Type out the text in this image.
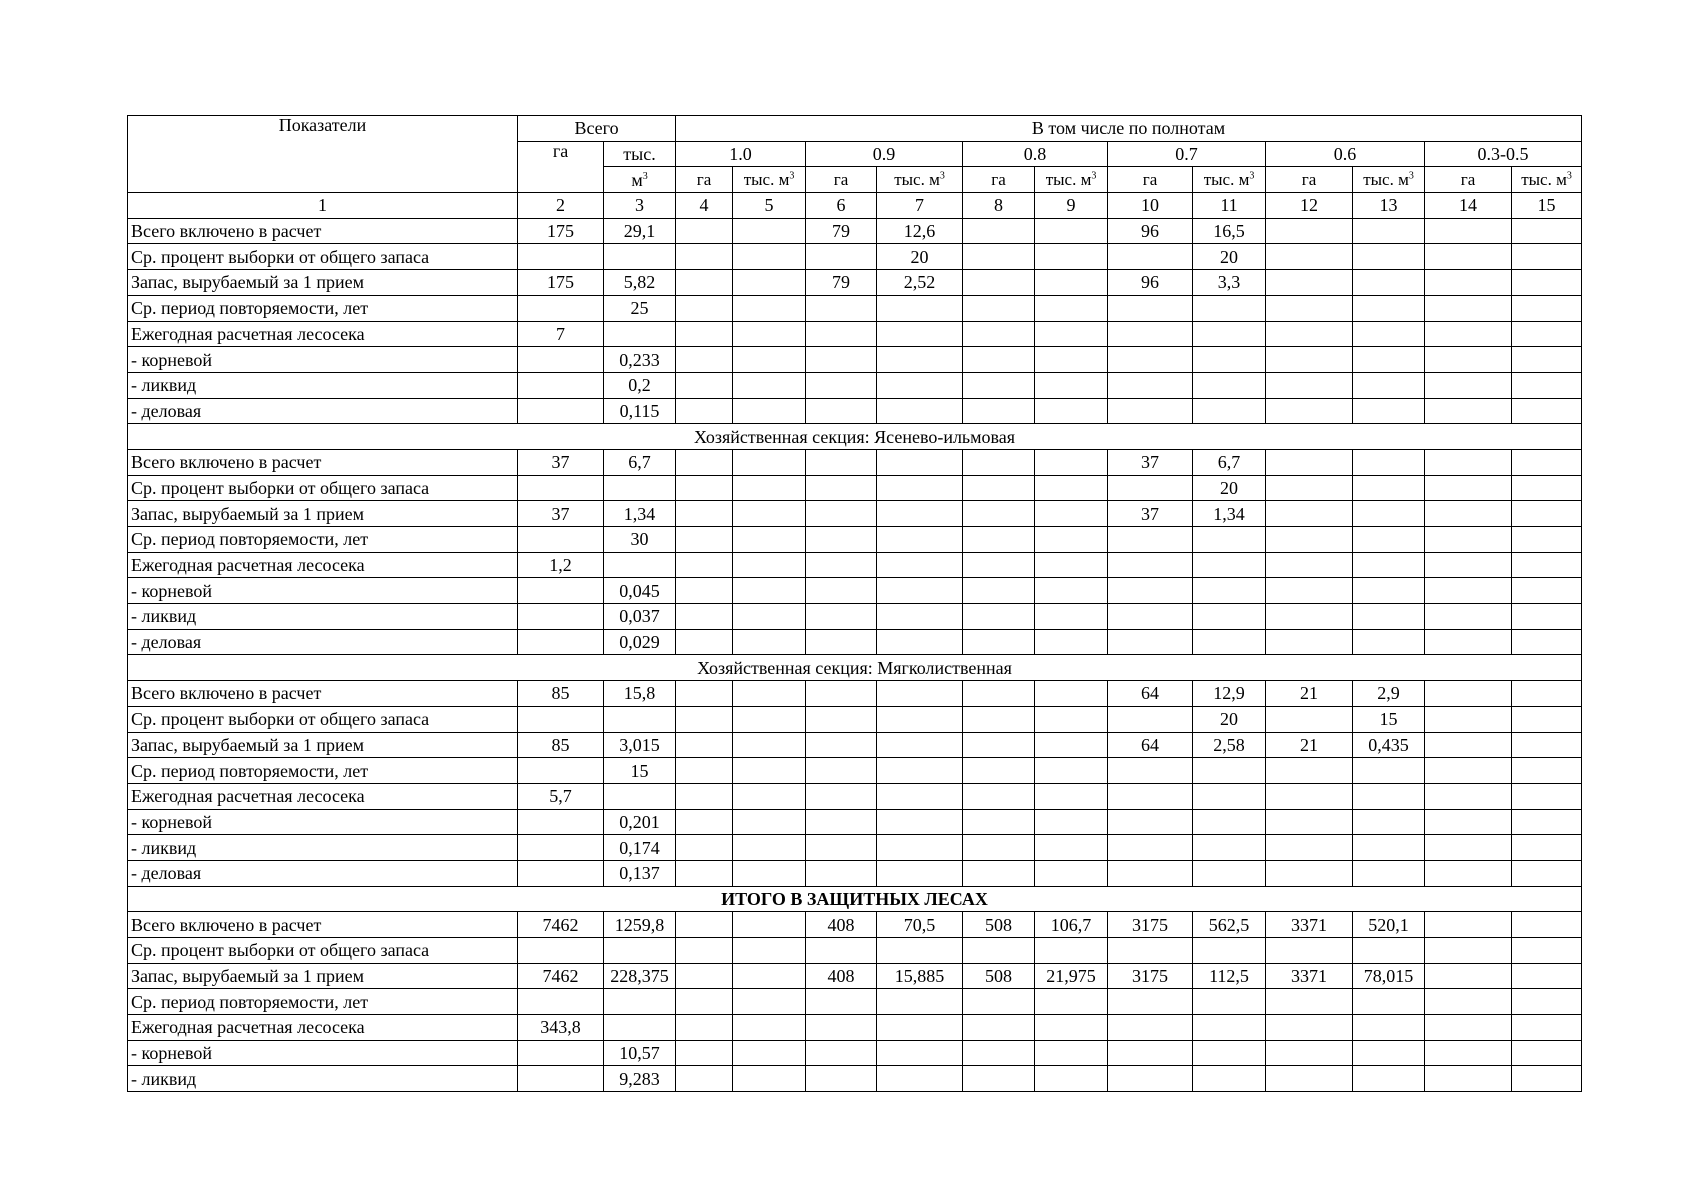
Показатели	Всего		В том числе по полнотам											
	га	тыс.	1.0		0.9		0.8		0.7		0.6		0.3-0.5	
		$м^3$	га	тыс. $м^3$	га	тыс. $м^3$	га	тыс. $м^3$	га	тыс. $м^3$	га	тыс. $м^3$	га	тыс. $м^3$
1	2	3	4	5	6	7	8	9	10	11	12	13	14	15
Всего включено в расчет	175	29,1			79	12,6			96	16,5				
Ср. процент выборки от общего запаса						20				20				
Запас, вырубаемый за 1 прием	175	5,82			79	2,52			96	3,3				
Ср. период повторяемости, лет		25												
Ежегодная расчетная лесосека	7													
- корневой		0,233												
- ликвид		0,2												
- деловая		0,115												
Хозяйственная секция: Ясенево-ильмовая														
Всего включено в расчет	37	6,7							37	6,7				
Ср. процент выборки от общего запаса										20				
Запас, вырубаемый за 1 прием	37	1,34							37	1,34				
Ср. период повторяемости, лет		30												
Ежегодная расчетная лесосека	1,2													
- корневой		0,045												
- ликвид		0,037												
- деловая		0,029												
Хозяйственная секция: Мягколиственная														
Всего включено в расчет	85	15,8							64	12,9	21	2,9		
Ср. процент выборки от общего запаса										20		15		
Запас, вырубаемый за 1 прием	85	3,015							64	2,58	21	0,435		
Ср. период повторяемости, лет		15												
Ежегодная расчетная лесосека	5,7													
- корневой		0,201												
- ликвид		0,174												
- деловая		0,137												
ИТОГО В ЗАЩИТНЫХ ЛЕСАХ														
Всего включено в расчет	7462	1259,8			408	70,5	508	106,7	3175	562,5	3371	520,1		
Ср. процент выборки от общего запаса														
Запас, вырубаемый за 1 прием	7462	228,375			408	15,885	508	21,975	3175	112,5	3371	78,015		
Ср. период повторяемости, лет														
Ежегодная расчетная лесосека	343,8													
- корневой		10,57												
- ликвид		9,283												
